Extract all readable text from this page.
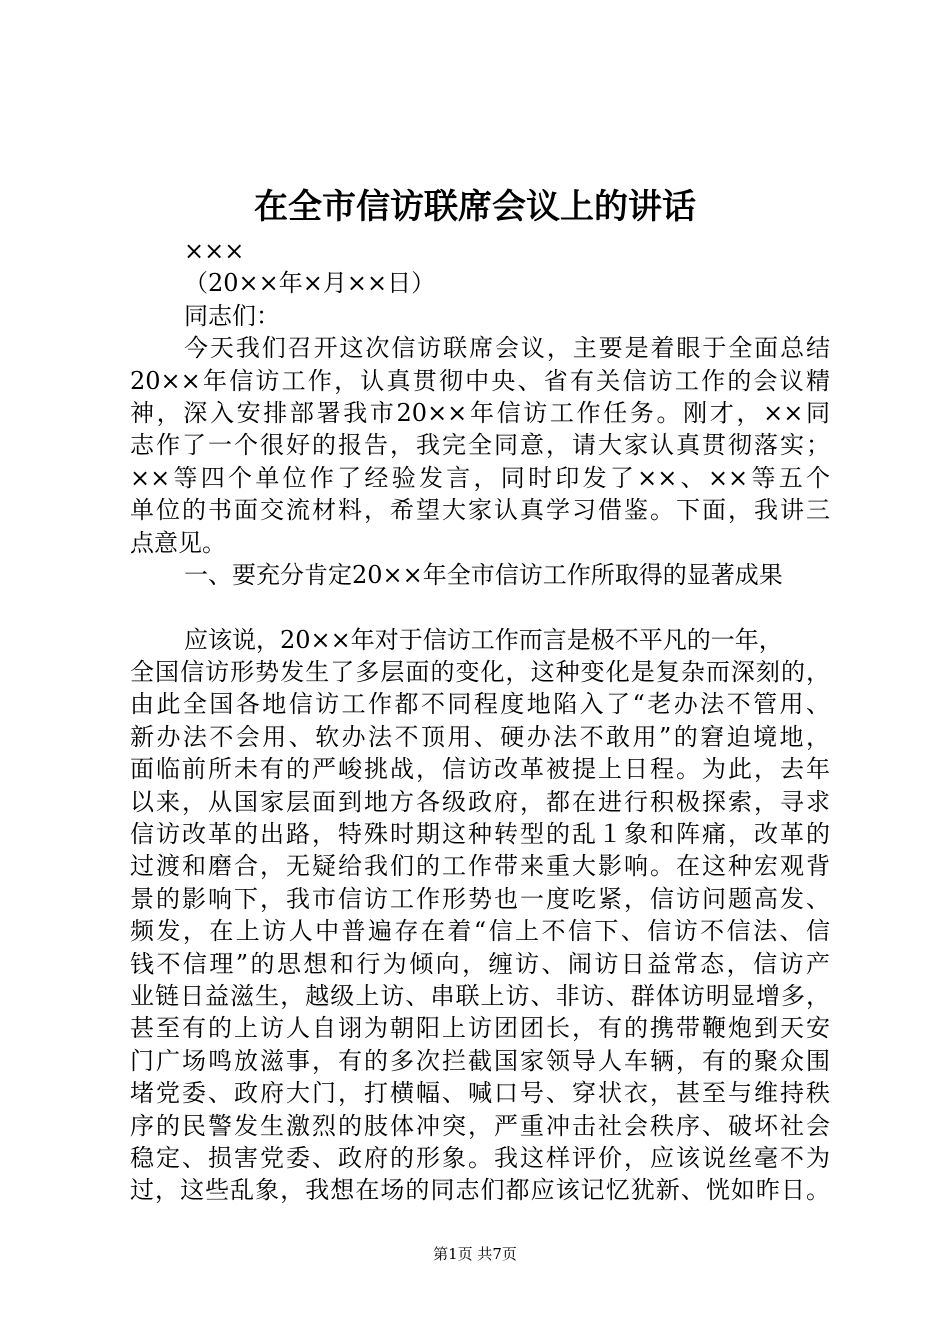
在全市信访联席会议上的讲话
×××
（20××年×月××日）
同志们：
今天我们召开这次信访联席会议，主要是着眼于全面总结
20××年信访工作，认真贯彻中央、省有关信访工作的会议精
神，深入安排部署我市20××年信访工作任务。刚才，××同
志作了一个很好的报告，我完全同意，请大家认真贯彻落实；
××等四个单位作了经验发言，同时印发了××、××等五个
单位的书面交流材料，希望大家认真学习借鉴。下面，我讲三
点意见。
一、要充分肯定20××年全市信访工作所取得的显著成果
应该说，20××年对于信访工作而言是极不平凡的一年，
全国信访形势发生了多层面的变化，这种变化是复杂而深刻的，
由此全国各地信访工作都不同程度地陷入了“老办法不管用、
新办法不会用、软办法不顶用、硬办法不敢用”的窘迫境地，
面临前所未有的严峻挑战，信访改革被提上日程。为此，去年
以来，从国家层面到地方各级政府，都在进行积极探索，寻求
信访改革的出路，特殊时期这种转型的乱１象和阵痛，改革的
过渡和磨合，无疑给我们的工作带来重大影响。在这种宏观背
景的影响下，我市信访工作形势也一度吃紧，信访问题高发、
频发，在上访人中普遍存在着“信上不信下、信访不信法、信
钱不信理”的思想和行为倾向，缠访、闹访日益常态，信访产
业链日益滋生，越级上访、串联上访、非访、群体访明显增多，
甚至有的上访人自诩为朝阳上访团团长，有的携带鞭炮到天安
门广场鸣放滋事，有的多次拦截国家领导人车辆，有的聚众围
堵党委、政府大门，打横幅、喊口号、穿状衣，甚至与维持秩
序的民警发生激烈的肢体冲突，严重冲击社会秩序、破坏社会
稳定、损害党委、政府的形象。我这样评价，应该说丝毫不为
过，这些乱象，我想在场的同志们都应该记忆犹新、恍如昨日。
第1页 共7页
